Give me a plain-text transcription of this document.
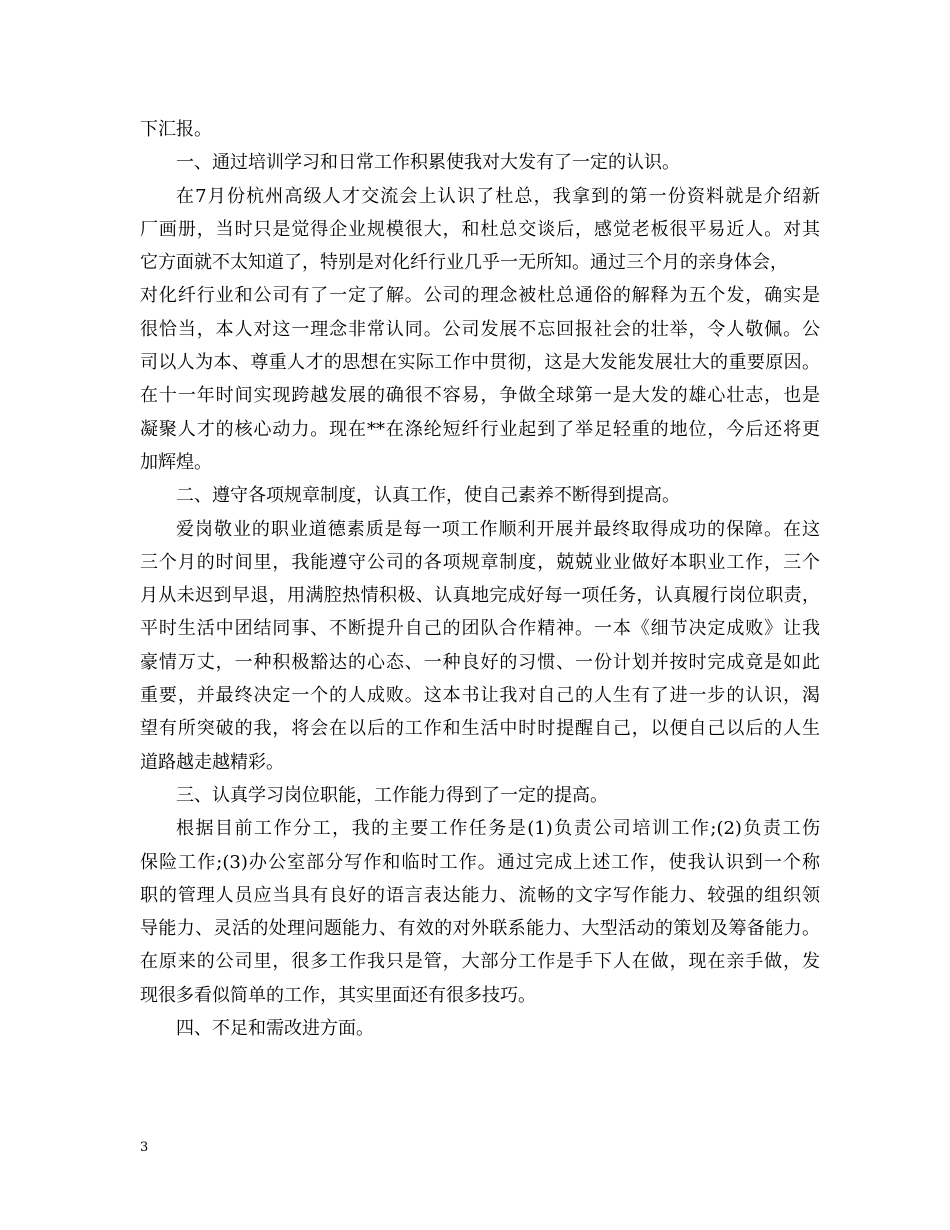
下汇报。
一、通过培训学习和日常工作积累使我对大发有了一定的认识。
在7月份杭州高级人才交流会上认识了杜总，我拿到的第一份资料就是介绍新
厂画册，当时只是觉得企业规模很大，和杜总交谈后，感觉老板很平易近人。对其
它方面就不太知道了，特别是对化纤行业几乎一无所知。通过三个月的亲身体会，
对化纤行业和公司有了一定了解。公司的理念被杜总通俗的解释为五个发，确实是
很恰当，本人对这一理念非常认同。公司发展不忘回报社会的壮举，令人敬佩。公
司以人为本、尊重人才的思想在实际工作中贯彻，这是大发能发展壮大的重要原因。
在十一年时间实现跨越发展的确很不容易，争做全球第一是大发的雄心壮志，也是
凝聚人才的核心动力。现在**在涤纶短纤行业起到了举足轻重的地位，今后还将更
加辉煌。
二、遵守各项规章制度，认真工作，使自己素养不断得到提高。
爱岗敬业的职业道德素质是每一项工作顺利开展并最终取得成功的保障。在这
三个月的时间里，我能遵守公司的各项规章制度，兢兢业业做好本职业工作，三个
月从未迟到早退，用满腔热情积极、认真地完成好每一项任务，认真履行岗位职责，
平时生活中团结同事、不断提升自己的团队合作精神。一本《细节决定成败》让我
豪情万丈，一种积极豁达的心态、一种良好的习惯、一份计划并按时完成竟是如此
重要，并最终决定一个的人成败。这本书让我对自己的人生有了进一步的认识，渴
望有所突破的我，将会在以后的工作和生活中时时提醒自己，以便自己以后的人生
道路越走越精彩。
三、认真学习岗位职能，工作能力得到了一定的提高。
根据目前工作分工，我的主要工作任务是(1)负责公司培训工作;(2)负责工伤
保险工作;(3)办公室部分写作和临时工作。通过完成上述工作，使我认识到一个称
职的管理人员应当具有良好的语言表达能力、流畅的文字写作能力、较强的组织领
导能力、灵活的处理问题能力、有效的对外联系能力、大型活动的策划及筹备能力。
在原来的公司里，很多工作我只是管，大部分工作是手下人在做，现在亲手做，发
现很多看似简单的工作，其实里面还有很多技巧。
四、不足和需改进方面。
3
